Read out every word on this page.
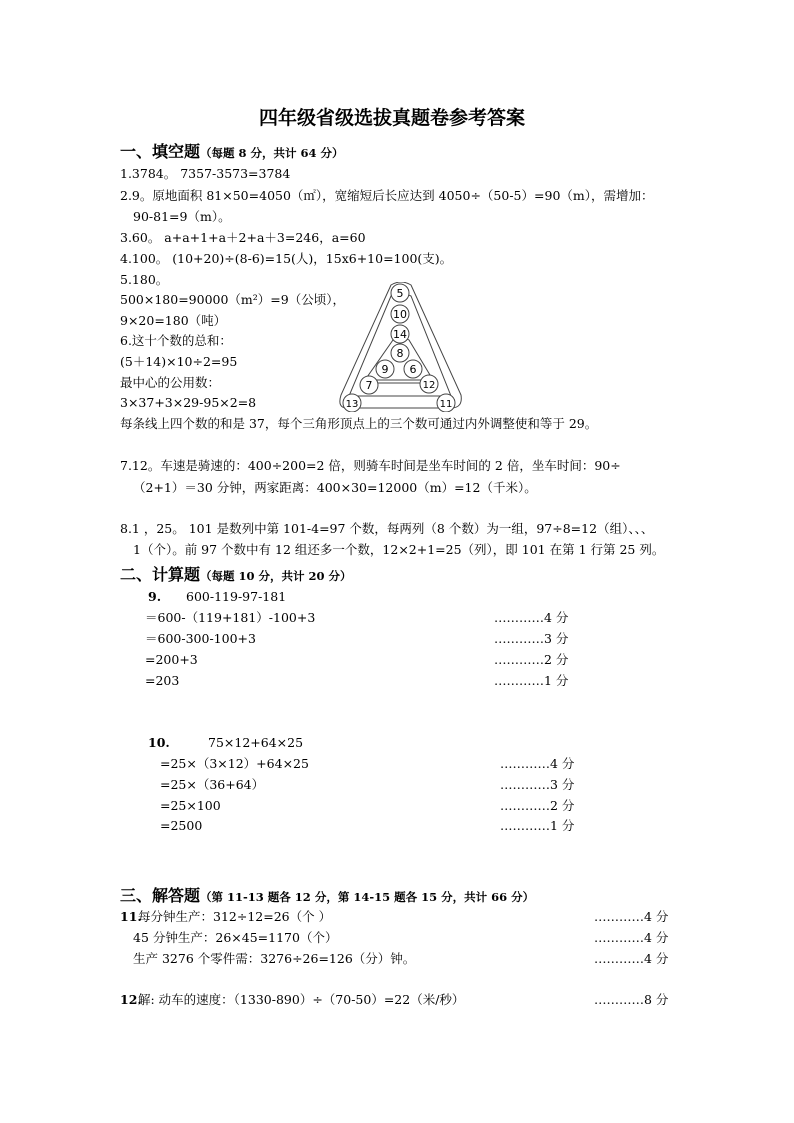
四年级省级选拔真题卷参考答案
一、填空题（每题 8 分，共计 64 分）
1.3784。 7357-3573=3784
2.9。原地面积 81×50=4050（㎡），宽缩短后长应达到 4050÷（50-5）=90（m），需增加：
90-81=9（m）。
3.60。 a+a+1+a＋2+a＋3=246，a=60
4.100。 (10+20)÷(8-6)=15(人)，15x6+10=100(支)。
5.180。
500×180=90000（m²）=9（公顷），
9×20=180（吨）
6.这十个数的总和：
(5＋14)×10÷2=95
最中心的公用数：
3×37+3×29-95×2=8
每条线上四个数的和是 37，每个三角形顶点上的三个数可通过内外调整使和等于 29。
5
10
14
8
9 6
7	12
13	11
7.12。车速是骑速的：400÷200=2 倍，则骑车时间是坐车时间的 2 倍，坐车时间：90÷
（2+1）＝30 分钟，两家距离：400×30=12000（m）=12（千米）。
8.1 ，25。 101 是数列中第 101-4=97 个数，每两列（8 个数）为一组，97÷8=12（组）、、、
1（个）。前 97 个数中有 12 组还多一个数，12×2+1=25（列），即 101 在第 1 行第 25 列。
二、计算题（每题 10 分，共计 20 分）
9. 600-119-97-181
＝600-（119+181）-100+3	…………4 分
＝600-300-100+3	…………3 分
=200+3	…………2 分
=203	…………1 分
10.	75×12+64×25
=25×（3×12）+64×25	…………4 分
=25×（36+64）	…………3 分
=25×100	…………2 分
=2500	…………1 分
三、解答题（第 11-13 题各 12 分，第 14-15 题各 15 分，共计 66 分）
11.
每分钟生产：312÷12=26（个 ）	…………4 分
45 分钟生产：26×45=1170（个）	…………4 分
生产 3276 个零件需：3276÷26=126（分）钟。	…………4 分
12.
解: 动车的速度：（1330-890）÷（70-50）=22（米/秒）	…………8 分
